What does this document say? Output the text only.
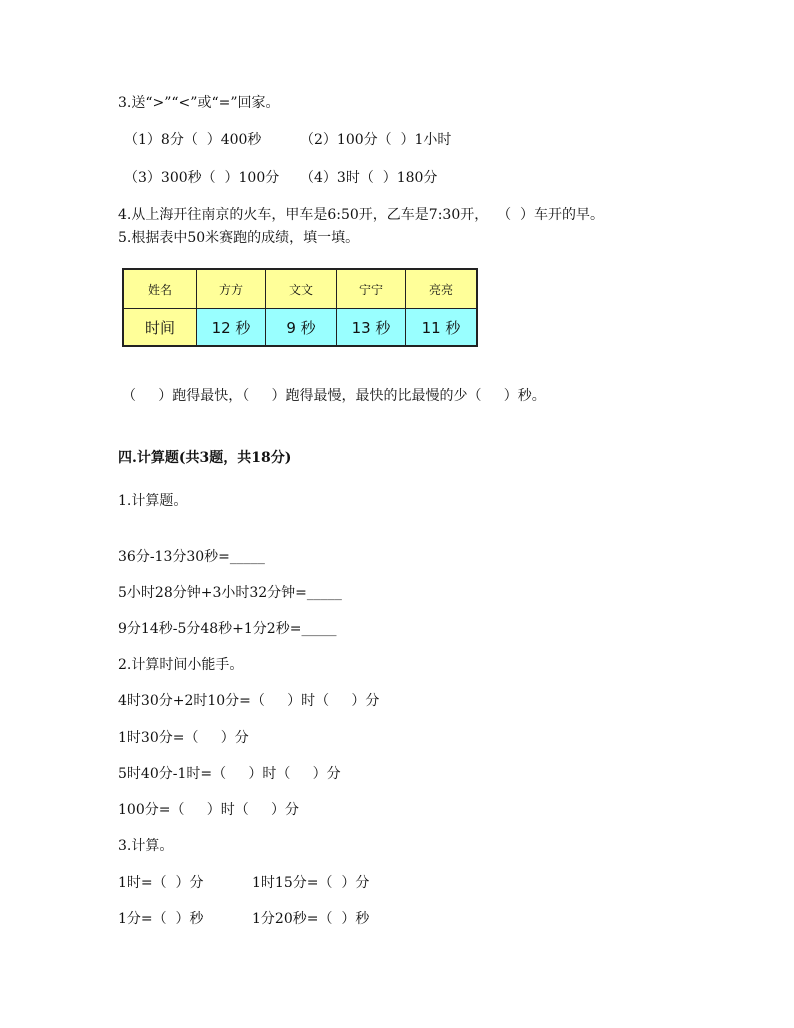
3.送“>”“<”或“=”回家。
（1）8分（  ）400秒	（2）100分（  ）1小时
（3）300秒（  ）100分 （4）3时（  ）180分
4.从上海开往南京的火车，甲车是6:50开，乙车是7:30开，  （  ）车开的早。
5.根据表中50米赛跑的成绩，填一填。
姓名	方方	文文	宁宁	亮亮
时间	12 秒	9 秒	13 秒	11 秒
（     ）跑得最快，（     ）跑得最慢，最快的比最慢的少（     ）秒。
四.计算题(共3题，共18分)
1.计算题。
36分-13分30秒=_____
5小时28分钟+3小时32分钟=_____
9分14秒-5分48秒+1分2秒=_____
2.计算时间小能手。
4时30分+2时10分=（     ）时（     ）分
1时30分=（     ）分
5时40分-1时=（     ）时（     ）分
100分=（     ）时（     ）分
3.计算。
1时=（  ）分	1时15分=（  ）分
1分=（  ）秒	1分20秒=（  ）秒
